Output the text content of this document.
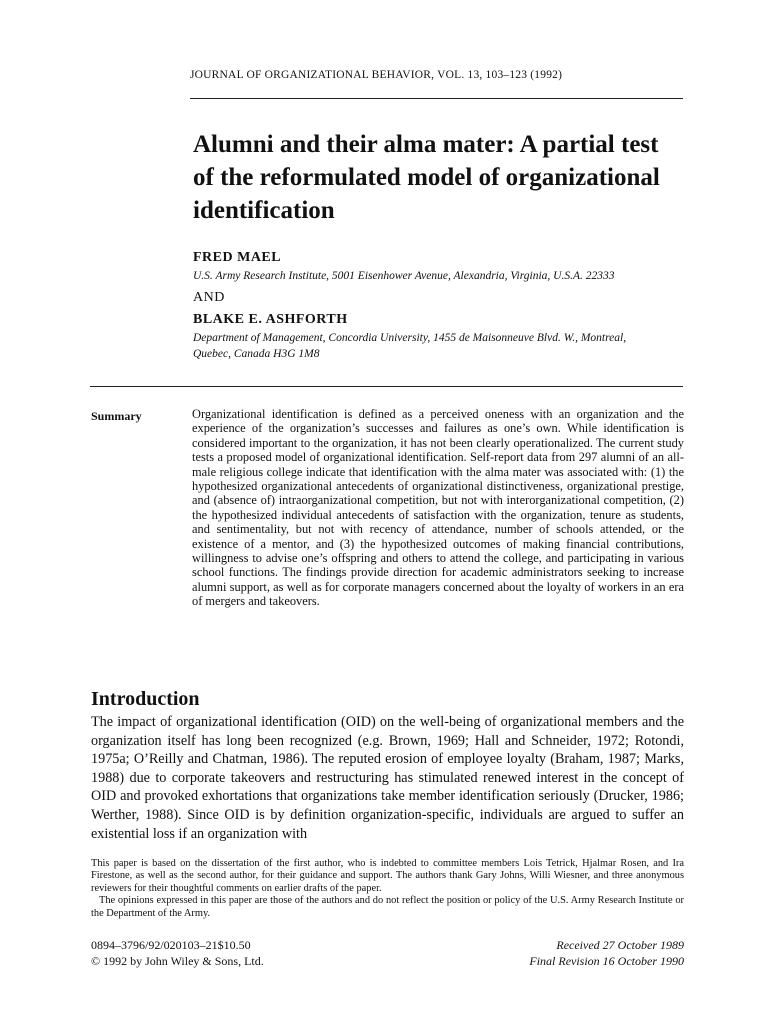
JOURNAL OF ORGANIZATIONAL BEHAVIOR, VOL. 13, 103–123 (1992)
Alumni and their alma mater: A partial test
of the reformulated model of organizational
identification
FRED MAEL
U.S. Army Research Institute, 5001 Eisenhower Avenue, Alexandria, Virginia, U.S.A. 22333
AND
BLAKE E. ASHFORTH
Department of Management, Concordia University, 1455 de Maisonneuve Blvd. W., Montreal,
Quebec, Canada H3G 1M8
Summary	Organizational identification is defined as a perceived oneness with an organization and the experience of the organization’s successes and failures as one’s own. While identification is considered important to the organization, it has not been clearly operationalized. The current study tests a proposed model of organizational identification. Self-report data from 297 alumni of an all-male religious college indicate that identification with the alma mater was associated with: (1) the hypothesized organizational antecedents of organizational distinctiveness, organizational prestige, and (absence of) intraorganizational competition, but not with interorganizational competition, (2) the hypothesized individual antecedents of satisfaction with the organization, tenure as students, and sentimentality, but not with recency of attendance, number of schools attended, or the existence of a mentor, and (3) the hypothesized outcomes of making financial contributions, willingness to advise one’s offspring and others to attend the college, and participating in various school functions. The findings provide direction for academic administrators seeking to increase alumni support, as well as for corporate managers concerned about the loyalty of workers in an era of mergers and takeovers.

Introduction

The impact of organizational identification (OID) on the well-being of organizational members and the organization itself has long been recognized (e.g. Brown, 1969; Hall and Schneider, 1972; Rotondi, 1975a; O’Reilly and Chatman, 1986). The reputed erosion of employee loyalty (Braham, 1987; Marks, 1988) due to corporate takeovers and restructuring has stimulated renewed interest in the concept of OID and provoked exhortations that organizations take member identification seriously (Drucker, 1986; Werther, 1988). Since OID is by definition organization-specific, individuals are argued to suffer an existential loss if an organization with

This paper is based on the dissertation of the first author, who is indebted to committee members Lois Tetrick, Hjalmar Rosen, and Ira Firestone, as well as the second author, for their guidance and support. The authors thank Gary Johns, Willi Wiesner, and three anonymous reviewers for their thoughtful comments on earlier drafts of the paper.

The opinions expressed in this paper are those of the authors and do not reflect the position or policy of the U.S. Army Research Institute or the Department of the Army.

0894–3796/92/020103–21$10.50
© 1992 by John Wiley & Sons, Ltd.
Received 27 October 1989
Final Revision 16 October 1990
